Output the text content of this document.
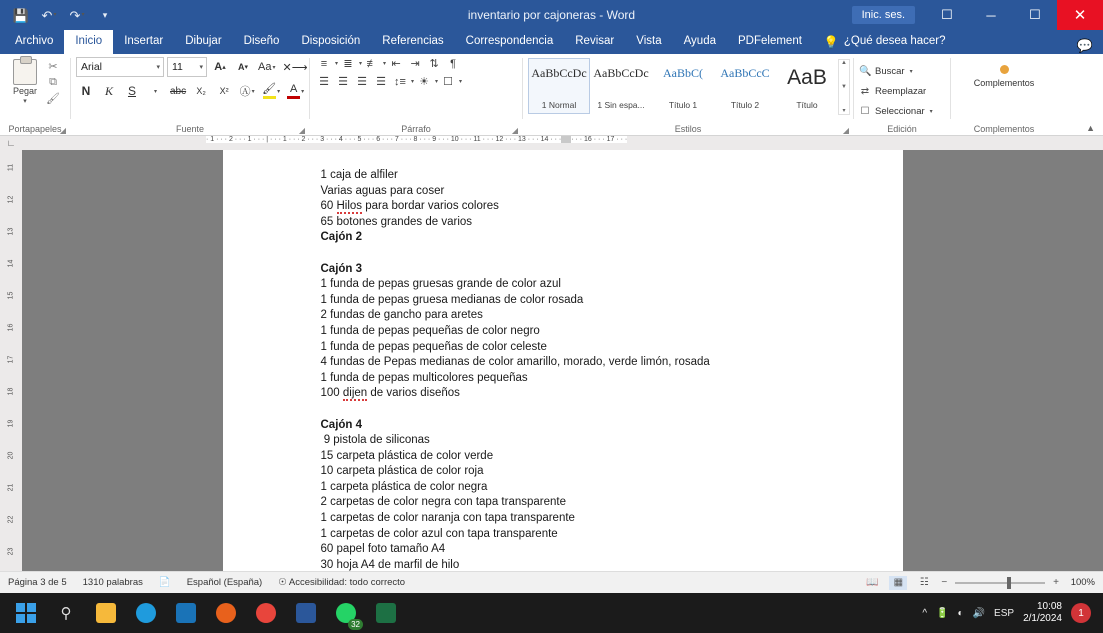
💾 ↶ ▾	↷ ▾	▾	inventario por cajoneras - Word	Inic. ses.	☐	─	☐	✕
Archivo	Inicio	Insertar	Dibujar	Diseño	Disposición	Referencias	Correspondencia	Revisar	Vista	Ayuda	PDFelement	💡 ¿Qué desea hacer?	💬
Pegar
▾
✂
⧉
🖌
Portapapeles
◢
Arial	▾ 11 ▾ A ▴ A ▾ Aa ▾ ✕⟶
N	K	S	▾ abc	X₂	X² Ⓐ ▾ 🖌 ▾ A ▾
Fuente	◢
≡	▾ ≣	▾ ≢ ▾ ⇤ ⇥ ⇅	¶
☰ ☰ ☰ ☰ ↕≡ ▾ ☀	▾ ☐	▾
Párrafo	◢
AaBbCcDc
1 Normal
AaBbCcDc
1 Sin espa...
AaBbC(
Título 1
AaBbCcC
Título 2
AaB
Título
▲
▼
▾
Estilos	◢
🔍 Buscar ▾
⇄ Reemplazar
☐ Seleccionar ▾
Edición
Complementos
Complementos	▲
∟	· 1 · · · 2 · · · 1 · · · | · · · 1 · · · 2 · · · 3 · · · 4 · · · 5 · · · 6 · · · 7 · · · 8 · · · 9 · · · 10 · · · 11 · · · 12 · · · 13 · · · 14 · · · · · · 16 · · · 17 · · ·
11
12
13
14
15
16
17
18
19
20
21
22
23

1 caja de alfiler

Varias aguas para coser

60 Hilos para bordar varios colores

65 botones grandes de varios

Cajón 2

Cajón 3

1 funda de pepas gruesas grande de color azul

1 funda de pepas gruesa medianas de color rosada

2 fundas de gancho para aretes

1 funda de pepas pequeñas de color negro

1 funda de pepas pequeñas de color celeste

4 fundas de Pepas medianas de color amarillo, morado, verde limón, rosada

1 funda de pepas multicolores pequeñas

100 dijen de varios diseños

Cajón 4

9 pistola de siliconas

15 carpeta plástica de color verde

10 carpeta plástica de color roja

1 carpeta plástica de color negra

2 carpetas de color negra con tapa transparente

1 carpetas de color naranja con tapa transparente

1 carpetas de color azul con tapa transparente

60 papel foto tamaño A4

30 hoja A4 de marfil de hilo

Página 3 de 5 1310 palabras 📄 Español (España) ☉ Accesibilidad: todo correcto	📖	▦	☷	−	+	100%
⚲
32
^ 🔋 ◐ 🔊 ESP
10:08
2/1/2024 1
